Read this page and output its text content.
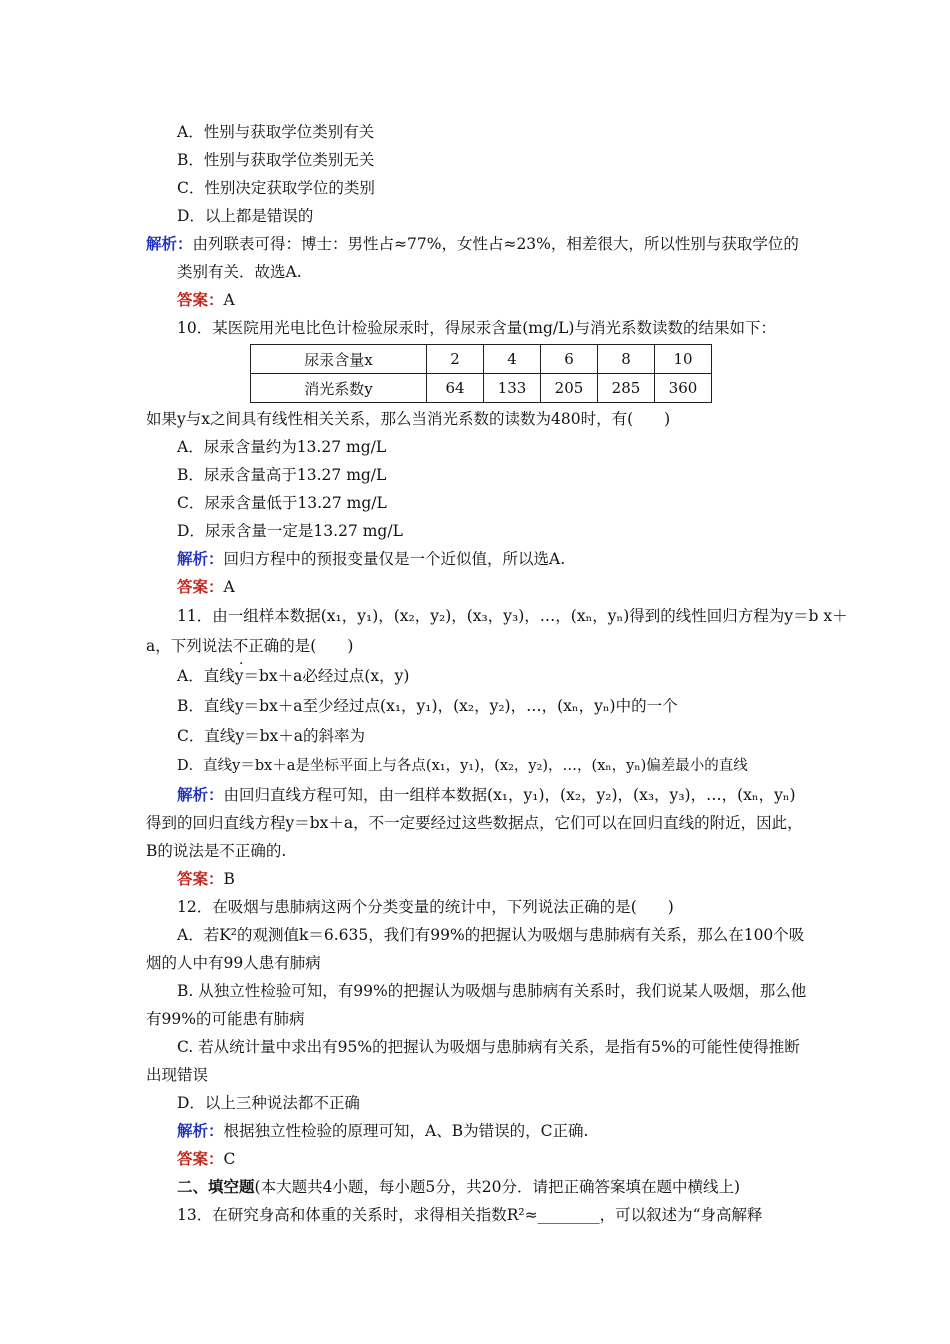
A．性别与获取学位类别有关
B．性别与获取学位类别无关
C．性别决定获取学位的类别
D．以上都是错误的
解析：由列联表可得：博士：男性占≈77%，女性占≈23%，相差很大，所以性别与获取学位的类别有关．故选A.
答案：A
10．某医院用光电比色计检验尿汞时，得尿汞含量(mg/L)与消光系数读数的结果如下：
尿汞含量x	2	4	6	8	10
消光系数y	64	133	205	285	360
如果y与x之间具有线性相关关系，那么当消光系数的读数为480时，有(　　)
A．尿汞含量约为13.27 mg/L
B．尿汞含量高于13.27 mg/L
C．尿汞含量低于13.27 mg/L
D．尿汞含量一定是13.27 mg/L
解析：回归方程中的预报变量仅是一个近似值，所以选A.
答案：A
11．由一组样本数据(x₁，y₁)，(x₂，y₂)，(x₃，y₃)，…，(xₙ，yₙ)得到的线性回归方程为y＝b x＋
a，下列说法不正确的是(　　)
A．直线y＝bx＋a必经过点(x，y)
B．直线y＝bx＋a至少经过点(x₁，y₁)，(x₂，y₂)，…，(xₙ，yₙ)中的一个
C．直线y＝bx＋a的斜率为
D．直线y＝bx＋a是坐标平面上与各点(x₁，y₁)，(x₂，y₂)，…，(xₙ，yₙ)偏差最小的直线
解析：由回归直线方程可知，由一组样本数据(x₁，y₁)，(x₂，y₂)，(x₃，y₃)，…，(xₙ，yₙ)得到的回归直线方程y＝bx＋a，不一定要经过这些数据点，它们可以在回归直线的附近，因此，B的说法是不正确的.
答案：B
12．在吸烟与患肺病这两个分类变量的统计中，下列说法正确的是(　　)
A．若K²的观测值k＝6.635，我们有99%的把握认为吸烟与患肺病有关系，那么在100个吸烟的人中有99人患有肺病
B. 从独立性检验可知，有99%的把握认为吸烟与患肺病有关系时，我们说某人吸烟，那么他有99%的可能患有肺病
C. 若从统计量中求出有95%的把握认为吸烟与患肺病有关系，是指有5%的可能性使得推断出现错误
D．以上三种说法都不正确
解析：根据独立性检验的原理可知，A、B为错误的，C正确.
答案：C
二、填空题(本大题共4小题，每小题5分，共20分．请把正确答案填在题中横线上)
13．在研究身高和体重的关系时，求得相关指数R²≈________，可以叙述为“身高解释
